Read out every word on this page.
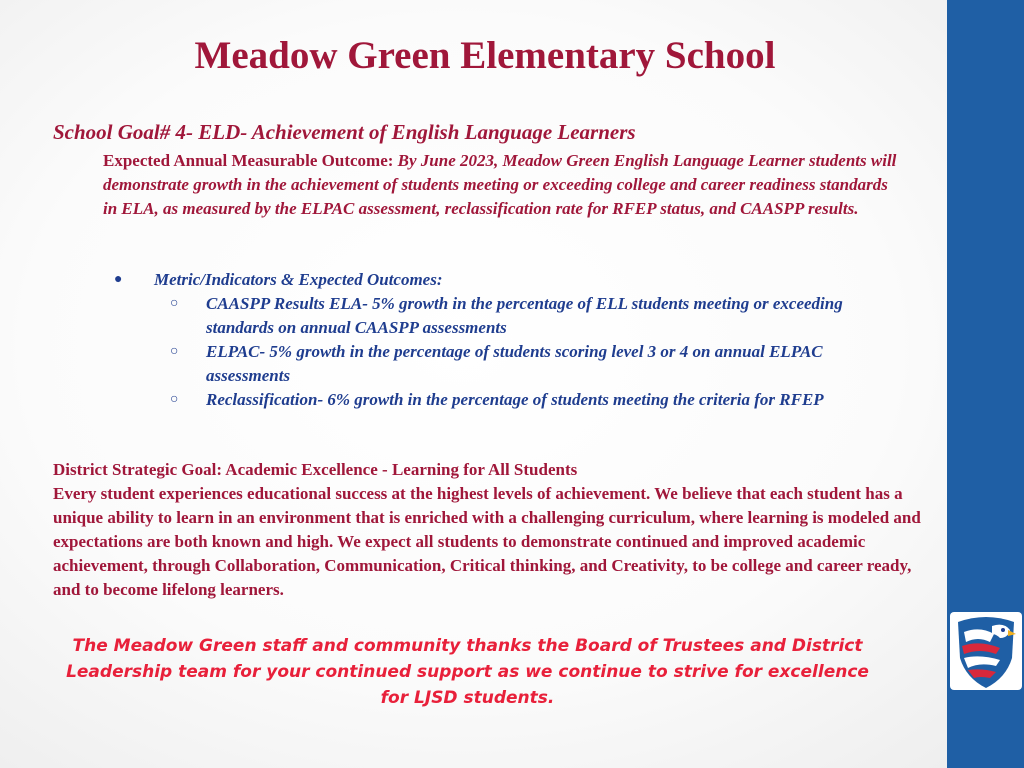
Meadow Green Elementary School
School Goal# 4- ELD- Achievement of English Language Learners

Expected Annual Measurable Outcome: By June 2023, Meadow Green English Language Learner students will demonstrate growth in the achievement of students meeting or exceeding college and career readiness standards in ELA, as measured by the ELPAC assessment, reclassification rate for RFEP status, and CAASPP results.

●	Metric/Indicators & Expected Outcomes:
○	CAASPP Results ELA- 5% growth in the percentage of ELL students meeting or exceeding standards on annual CAASPP assessments
○	ELPAC- 5% growth in the percentage of students scoring level 3 or 4 on annual ELPAC assessments
○	Reclassification- 6% growth in the percentage of students meeting the criteria for RFEP
District Strategic Goal: Academic Excellence - Learning for All Students
Every student experiences educational success at the highest levels of achievement. We believe that each student has a unique ability to learn in an environment that is enriched with a challenging curriculum, where learning is modeled and expectations are both known and high. We expect all students to demonstrate continued and improved academic achievement, through Collaboration, Communication, Critical thinking, and Creativity, to be college and career ready, and to become lifelong learners.

The Meadow Green staff and community thanks the Board of Trustees and District Leadership team for your continued support as we continue to strive for excellence for LJSD students.
